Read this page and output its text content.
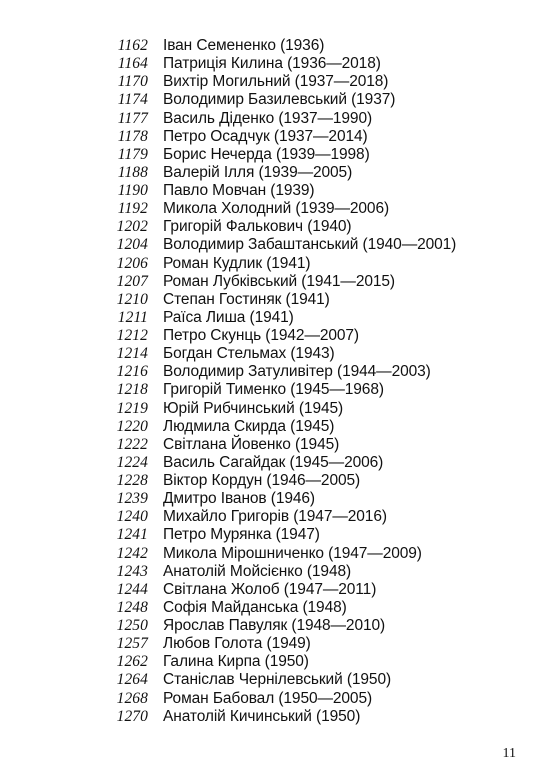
1162 Іван Семененко (1936)
1164 Патриція Килина (1936—2018)
1170 Вихтір Могильний (1937—2018)
1174 Володимир Базилевський (1937)
1177 Василь Діденко (1937—1990)
1178 Петро Осадчук (1937—2014)
1179 Борис Нечерда (1939—1998)
1188 Валерій Ілля (1939—2005)
1190 Павло Мовчан (1939)
1192 Микола Холодний (1939—2006)
1202 Григорій Фалькович (1940)
1204 Володимир Забаштанський (1940—2001)
1206 Роман Кудлик (1941)
1207 Роман Лубківський (1941—2015)
1210 Степан Гостиняк (1941)
1211 Раїса Лиша (1941)
1212 Петро Скунць (1942—2007)
1214 Богдан Стельмах (1943)
1216 Володимир Затуливітер (1944—2003)
1218 Григорій Тименко (1945—1968)
1219 Юрій Рибчинський (1945)
1220 Людмила Скирда (1945)
1222 Світлана Йовенко (1945)
1224 Василь Сагайдак (1945—2006)
1228 Віктор Кордун (1946—2005)
1239 Дмитро Іванов (1946)
1240 Михайло Григорів (1947—2016)
1241 Петро Мурянка (1947)
1242 Микола Мірошниченко (1947—2009)
1243 Анатолій Мойсієнко (1948)
1244 Світлана Жолоб (1947—2011)
1248 Софія Майданська (1948)
1250 Ярослав Павуляк (1948—2010)
1257 Любов Голота (1949)
1262 Галина Кирпа (1950)
1264 Станіслав Чернілевський (1950)
1268 Роман Бабовал (1950—2005)
1270 Анатолій Кичинський (1950)
11
